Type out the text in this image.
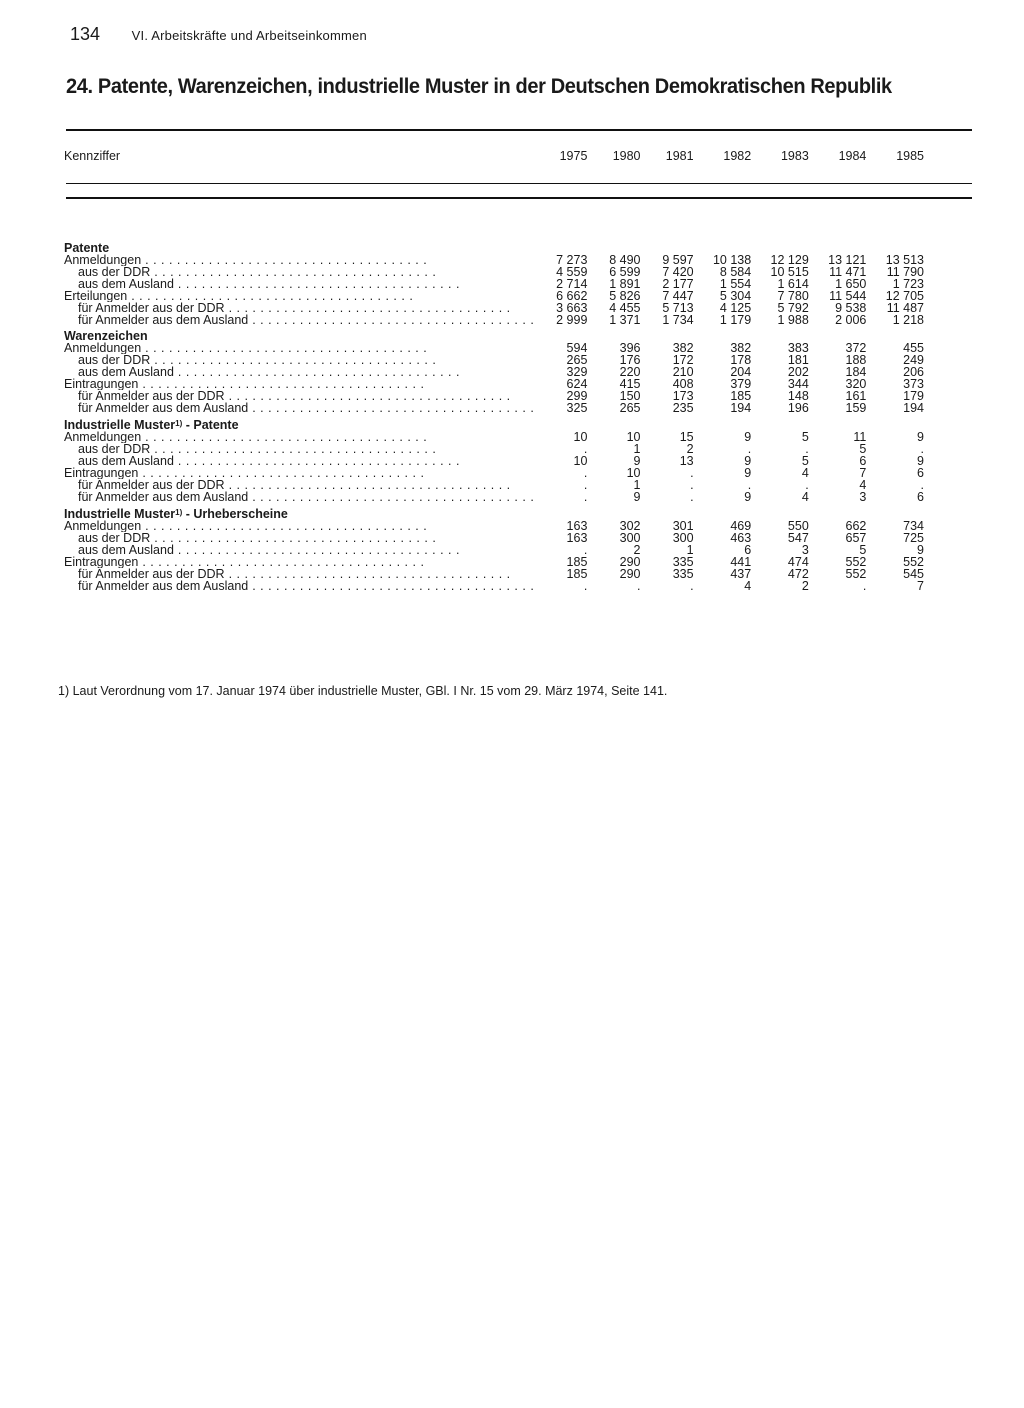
134 VI. Arbeitskräfte und Arbeitseinkommen
24. Patente, Warenzeichen, industrielle Muster in der Deutschen Demokratischen Republik
Kennziffer	1975	1980	1981	1982	1983	1984	1985

Patente							
Anmeldungen . . .	7 273	8 490	9 597	10 138	12 129	13 121	13 513
aus der DDR . . .	4 559	6 599	7 420	8 584	10 515	11 471	11 790
aus dem Ausland . . .	2 714	1 891	2 177	1 554	1 614	1 650	1 723
Erteilungen . . .	6 662	5 826	7 447	5 304	7 780	11 544	12 705
für Anmelder aus der DDR . . .	3 663	4 455	5 713	4 125	5 792	9 538	11 487
für Anmelder aus dem Ausland . . .	2 999	1 371	1 734	1 179	1 988	2 006	1 218
Warenzeichen							
Anmeldungen . . .	594	396	382	382	383	372	455
aus der DDR . . .	265	176	172	178	181	188	249
aus dem Ausland . . .	329	220	210	204	202	184	206
Eintragungen . . .	624	415	408	379	344	320	373
für Anmelder aus der DDR . . .	299	150	173	185	148	161	179
für Anmelder aus dem Ausland . . .	325	265	235	194	196	159	194
Industrielle Muster$^{1)}$ - Patente							
Anmeldungen . . .	10	10	15	9	5	11	9
aus der DDR . . .	.	1	2	.	.	5	.
aus dem Ausland . . .	10	9	13	9	5	6	9
Eintragungen . . .	.	10	.	9	4	7	6
für Anmelder aus der DDR . . .	.	1	.	.	.	4	.
für Anmelder aus dem Ausland . . .	.	9	.	9	4	3	6
Industrielle Muster$^{1)}$ - Urheberscheine							
Anmeldungen . . .	163	302	301	469	550	662	734
aus der DDR . . .	163	300	300	463	547	657	725
aus dem Ausland . . .	.	2	1	6	3	5	9
Eintragungen . . .	185	290	335	441	474	552	552
für Anmelder aus der DDR . . .	185	290	335	437	472	552	545
für Anmelder aus dem Ausland . . .	.	.	.	4	2	.	7
1) Laut Verordnung vom 17. Januar 1974 über industrielle Muster, GBl. I Nr. 15 vom 29. März 1974, Seite 141.
